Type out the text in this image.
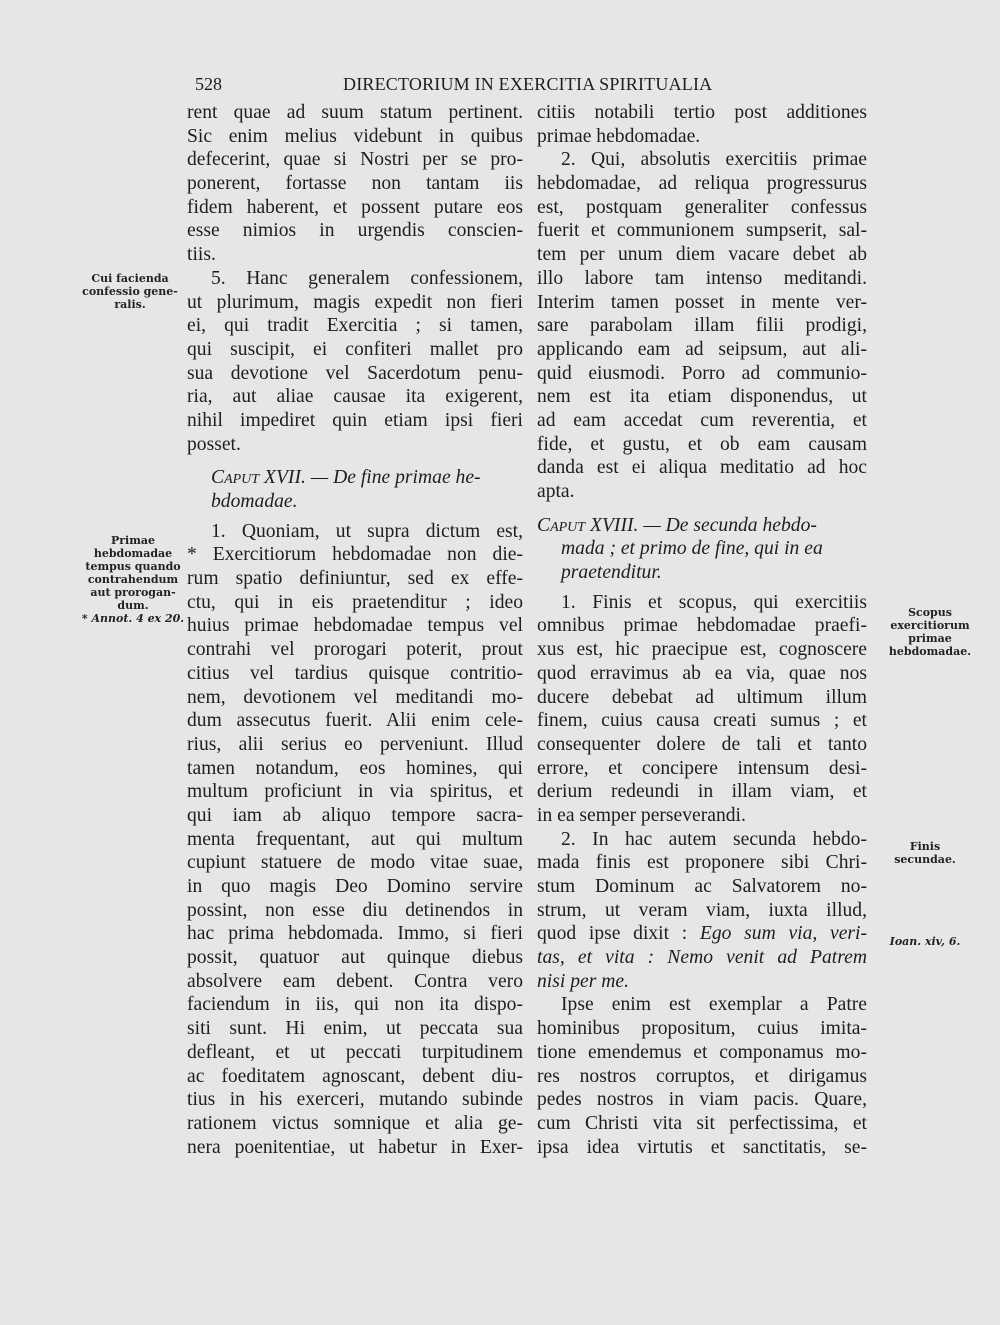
528	DIRECTORIUM IN EXERCITIA SPIRITUALIA
Cui facienda
confessio gene-
ralis.
Primae
hebdomadae
tempus quando
contrahendum
aut prorogan-
dum.
* Annot. 4 ex 20.	Scopus
exercitiorum
primae
hebdomadae.
Finis
secundae.
Ioan. xiv, 6.
rent quae ad suum statum pertinent.
Sic enim melius videbunt in quibus
defecerint, quae si Nostri per se pro-
ponerent, fortasse non tantam iis
fidem haberent, et possent putare eos
esse nimios in urgendis conscien-
tiis.
5. Hanc generalem confessionem,
ut plurimum, magis expedit non fieri
ei, qui tradit Exercitia ; si tamen,
qui suscipit, ei confiteri mallet pro
sua devotione vel Sacerdotum penu-
ria, aut aliae causae ita exigerent,
nihil impediret quin etiam ipsi fieri
posset.
Caput XVII. — De fine primae he-
bdomadae.
1. Quoniam, ut supra dictum est,
* Exercitiorum hebdomadae non die-
rum spatio definiuntur, sed ex effe-
ctu, qui in eis praetenditur ; ideo
huius primae hebdomadae tempus vel
contrahi vel prorogari poterit, prout
citius vel tardius quisque contritio-
nem, devotionem vel meditandi mo-
dum assecutus fuerit. Alii enim cele-
rius, alii serius eo perveniunt. Illud
tamen notandum, eos homines, qui
multum proficiunt in via spiritus, et
qui iam ab aliquo tempore sacra-
menta frequentant, aut qui multum
cupiunt statuere de modo vitae suae,
in quo magis Deo Domino servire
possint, non esse diu detinendos in
hac prima hebdomada. Immo, si fieri
possit, quatuor aut quinque diebus
absolvere eam debent. Contra vero
faciendum in iis, qui non ita dispo-
siti sunt. Hi enim, ut peccata sua
defleant, et ut peccati turpitudinem
ac foeditatem agnoscant, debent diu-
tius in his exerceri, mutando subinde
rationem victus somnique et alia ge-
nera poenitentiae, ut habetur in Exer-
citiis notabili tertio post additiones
primae hebdomadae.
2. Qui, absolutis exercitiis primae
hebdomadae, ad reliqua progressurus
est, postquam generaliter confessus
fuerit et communionem sumpserit, sal-
tem per unum diem vacare debet ab
illo labore tam intenso meditandi.
Interim tamen posset in mente ver-
sare parabolam illam filii prodigi,
applicando eam ad seipsum, aut ali-
quid eiusmodi. Porro ad communio-
nem est ita etiam disponendus, ut
ad eam accedat cum reverentia, et
fide, et gustu, et ob eam causam
danda est ei aliqua meditatio ad hoc
apta.
Caput XVIII. — De secunda hebdo-
mada ; et primo de fine, qui in ea
praetenditur.
1. Finis et scopus, qui exercitiis
omnibus primae hebdomadae praefi-
xus est, hic praecipue est, cognoscere
quod erravimus ab ea via, quae nos
ducere debebat ad ultimum illum
finem, cuius causa creati sumus ; et
consequenter dolere de tali et tanto
errore, et concipere intensum desi-
derium redeundi in illam viam, et
in ea semper perseverandi.
2. In hac autem secunda hebdo-
mada finis est proponere sibi Chri-
stum Dominum ac Salvatorem no-
strum, ut veram viam, iuxta illud,
quod ipse dixit : Ego sum via, veri-
tas, et vita : Nemo venit ad Patrem
nisi per me.
Ipse enim est exemplar a Patre
hominibus propositum, cuius imita-
tione emendemus et componamus mo-
res nostros corruptos, et dirigamus
pedes nostros in viam pacis. Quare,
cum Christi vita sit perfectissima, et
ipsa idea virtutis et sanctitatis, se-
